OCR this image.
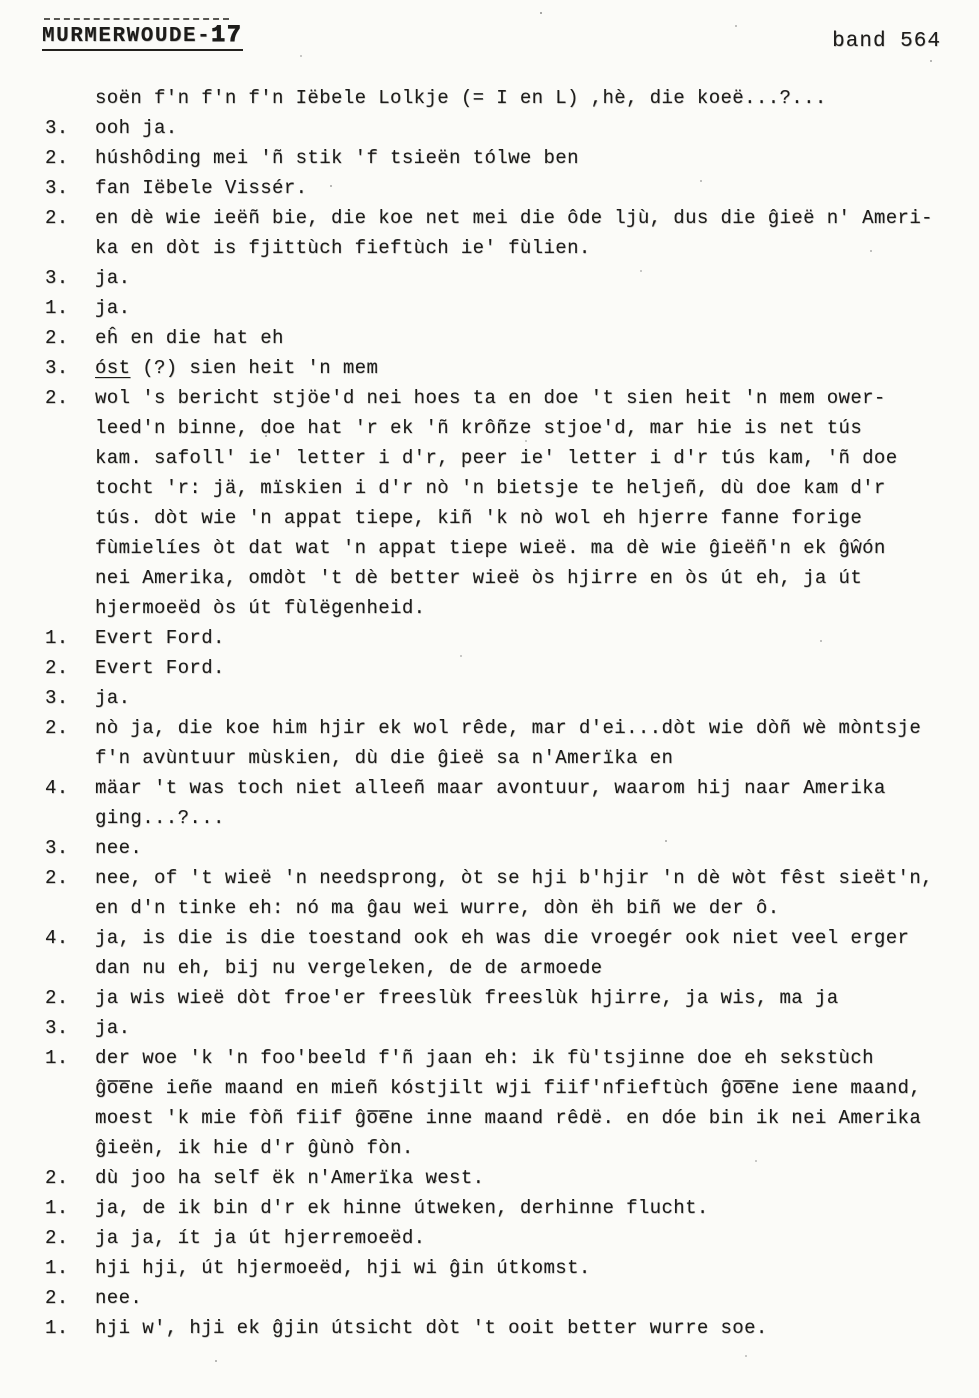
MURMERWOUDE-17	band 564
soën f'n f'n f'n Iëbele Lolkje (= I en L) ,hè, die koeë...?...
3.	ooh ja.
2.	húshôding mei 'ñ stik 'f tsieën tólwe ben
3.	fan Iëbele Vissér.
2.	en dè wie ieëñ bie, die koe net mei die ôde ljù, dus die ĝieë n' Ameri-
ka en dòt is fjittùch fieftùch ie' fùlien.
3.	ja.
1.	ja.
2.	eĥ en die hat eh
3.	óst (?) sien heit 'n mem
2.	wol 's bericht stjöe'd nei hoes ta en doe 't sien heit 'n mem ower-
leed'n binne, doe hat 'r ek 'ñ krôñze stjoe'd, mar hie is net tús
kam. safoll' ie' letter i d'r, peer ie' letter i d'r tús kam, 'ñ doe
tocht 'r: jä, mïskien i d'r nò 'n bietsje te heljeñ, dù doe kam d'r
tús. dòt wie 'n appat tiepe, kiñ 'k nò wol eh hjerre fanne forige
fùmielíes òt dat wat 'n appat tiepe wieë. ma dè wie ĝieëñ'n ek ĝŵón
nei Amerika, omdòt 't dè better wieë òs hjirre en òs út eh, ja út
hjermoeëd òs út fùlëgenheid.
1.	Evert Ford.
2.	Evert Ford.
3.	ja.
2.	nò ja, die koe him hjir ek wol rêde, mar d'ei...dòt wie dòñ wè mòntsje
f'n avùntuur mùskien, dù die ĝieë sa n'Amerïka en
4.	mäar 't was toch niet alleeñ maar avontuur, waarom hij naar Amerika
ging...?...
3.	nee.
2.	nee, of 't wieë 'n needsprong, òt se hji b'hjir 'n dè wòt fêst sieët'n,
en d'n tinke eh: nó ma ĝau wei wurre, dòn ëh biñ we der ô.
4.	ja, is die is die toestand ook eh was die vroegér ook niet veel erger
dan nu eh, bij nu vergeleken, de de armoede
2.	ja wis wieë dòt froe'er freeslùk freeslùk hjirre, ja wis, ma ja
3.	ja.
1.	der woe 'k 'n foo'beeld f'ñ jaan eh: ik fù'tsjinne doe eh sekstùch
ĝo̅e̅ne ieñe maand en mieñ kóstjilt wji fiif'nfieftùch ĝo̅e̅ne iene maand,
moest 'k mie fòñ fiif ĝo̅e̅ne inne maand rêdë. en dóe bin ik nei Amerika
ĝieën, ik hie d'r ĝùnò fòn.
2.	dù joo ha self ëk n'Amerïka west.
1.	ja, de ik bin d'r ek hinne útweken, derhinne flucht.
2.	ja ja, ít ja út hjerremoeëd.
1.	hji hji, út hjermoeëd, hji wi ĝin útkomst.
2.	nee.
1.	hji w', hji ek ĝjin útsicht dòt 't ooit better wurre soe.
